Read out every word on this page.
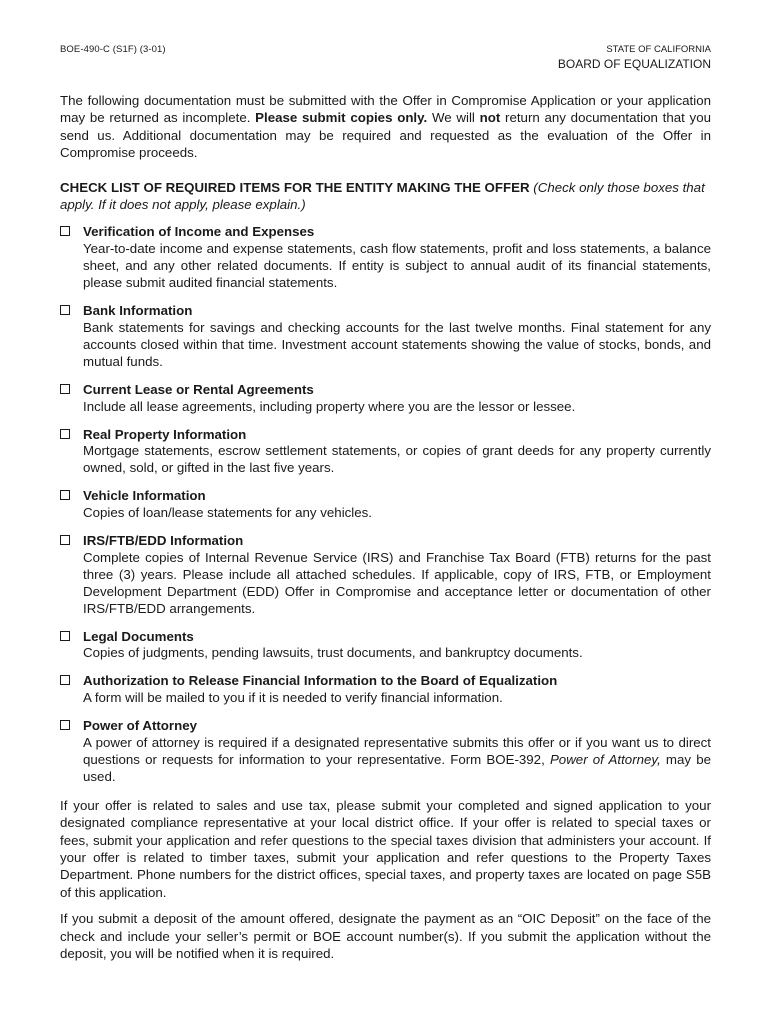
BOE-490-C (S1F) (3-01)	STATE OF CALIFORNIA
BOARD OF EQUALIZATION

The following documentation must be submitted with the Offer in Compromise Application or your application may be returned as incomplete. Please submit copies only. We will not return any documentation that you send us. Additional documentation may be required and requested as the evaluation of the Offer in Compromise proceeds.

CHECK LIST OF REQUIRED ITEMS FOR THE ENTITY MAKING THE OFFER (Check only those boxes that apply. If it does not apply, please explain.)

Verification of Income and Expenses
Year-to-date income and expense statements, cash flow statements, profit and loss statements, a balance sheet, and any other related documents. If entity is subject to annual audit of its financial statements, please submit audited financial statements.
Bank Information
Bank statements for savings and checking accounts for the last twelve months. Final statement for any accounts closed within that time. Investment account statements showing the value of stocks, bonds, and mutual funds.
Current Lease or Rental Agreements
Include all lease agreements, including property where you are the lessor or lessee.
Real Property Information
Mortgage statements, escrow settlement statements, or copies of grant deeds for any property currently owned, sold, or gifted in the last five years.
Vehicle Information
Copies of loan/lease statements for any vehicles.
IRS/FTB/EDD Information
Complete copies of Internal Revenue Service (IRS) and Franchise Tax Board (FTB) returns for the past three (3) years. Please include all attached schedules. If applicable, copy of IRS, FTB, or Employment Development Department (EDD) Offer in Compromise and acceptance letter or documentation of other IRS/FTB/EDD arrangements.
Legal Documents
Copies of judgments, pending lawsuits, trust documents, and bankruptcy documents.
Authorization to Release Financial Information to the Board of Equalization
A form will be mailed to you if it is needed to verify financial information.
Power of Attorney
A power of attorney is required if a designated representative submits this offer or if you want us to direct questions or requests for information to your representative. Form BOE-392, Power of Attorney, may be used.

If your offer is related to sales and use tax, please submit your completed and signed application to your designated compliance representative at your local district office. If your offer is related to special taxes or fees, submit your application and refer questions to the special taxes division that administers your account. If your offer is related to timber taxes, submit your application and refer questions to the Property Taxes Department. Phone numbers for the district offices, special taxes, and property taxes are located on page S5B of this application.

If you submit a deposit of the amount offered, designate the payment as an “OIC Deposit” on the face of the check and include your seller’s permit or BOE account number(s). If you submit the application without the deposit, you will be notified when it is required.
